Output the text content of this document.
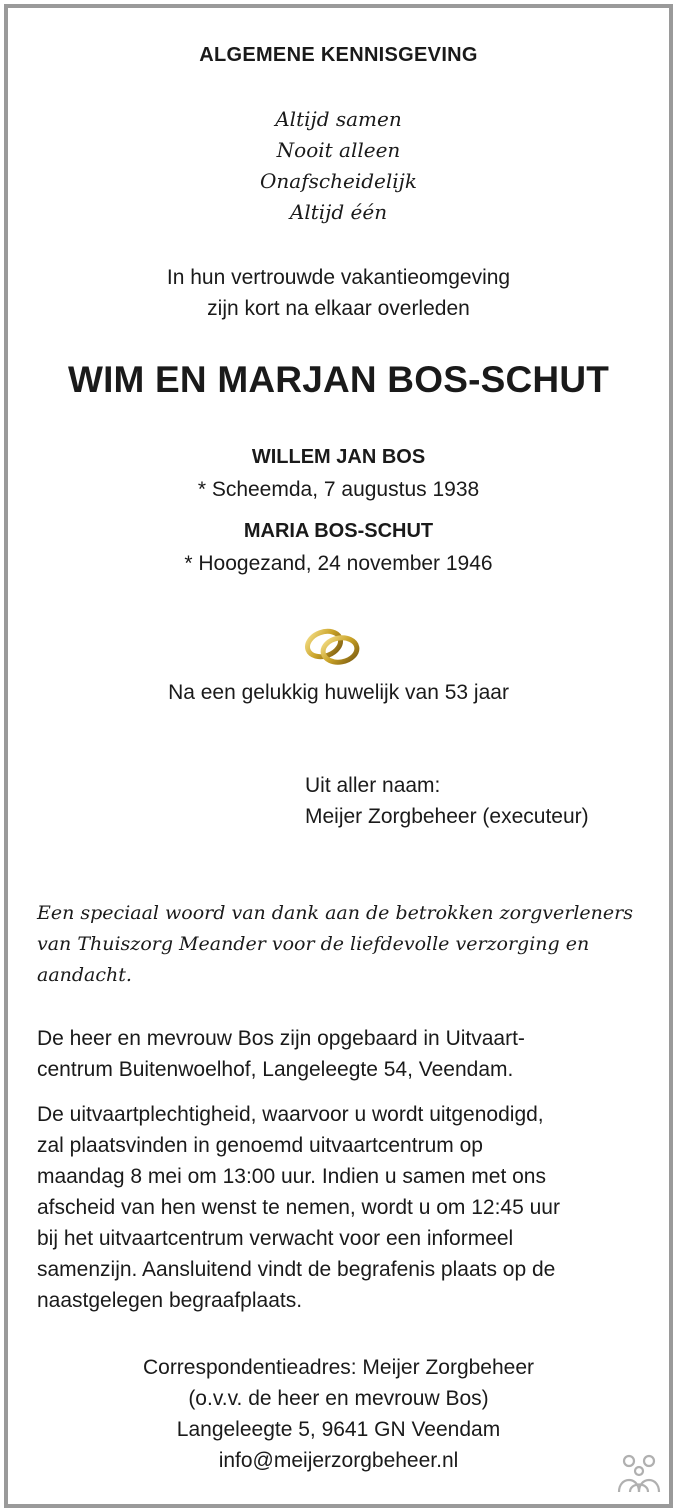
ALGEMENE KENNISGEVING
Altijd samen
Nooit alleen
Onafscheidelijk
Altijd één
In hun vertrouwde vakantieomgeving
zijn kort na elkaar overleden
WIM EN MARJAN BOS-SCHUT
WILLEM JAN BOS
* Scheemda, 7 augustus 1938
MARIA BOS-SCHUT
* Hoogezand, 24 november 1946
Na een gelukkig huwelijk van 53 jaar
Uit aller naam:
Meijer Zorgbeheer (executeur)
Een speciaal woord van dank aan de betrokken zorgverleners
van Thuiszorg Meander voor de liefdevolle verzorging en
aandacht.
De heer en mevrouw Bos zijn opgebaard in Uitvaart-
centrum Buitenwoelhof, Langeleegte 54, Veendam.
De uitvaartplechtigheid, waarvoor u wordt uitgenodigd,
zal plaatsvinden in genoemd uitvaartcentrum op
maandag 8 mei om 13:00 uur. Indien u samen met ons
afscheid van hen wenst te nemen, wordt u om 12:45 uur
bij het uitvaartcentrum verwacht voor een informeel
samenzijn. Aansluitend vindt de begrafenis plaats op de
naastgelegen begraafplaats.
Correspondentieadres: Meijer Zorgbeheer
(o.v.v. de heer en mevrouw Bos)
Langeleegte 5, 9641 GN Veendam
info@meijerzorgbeheer.nl
